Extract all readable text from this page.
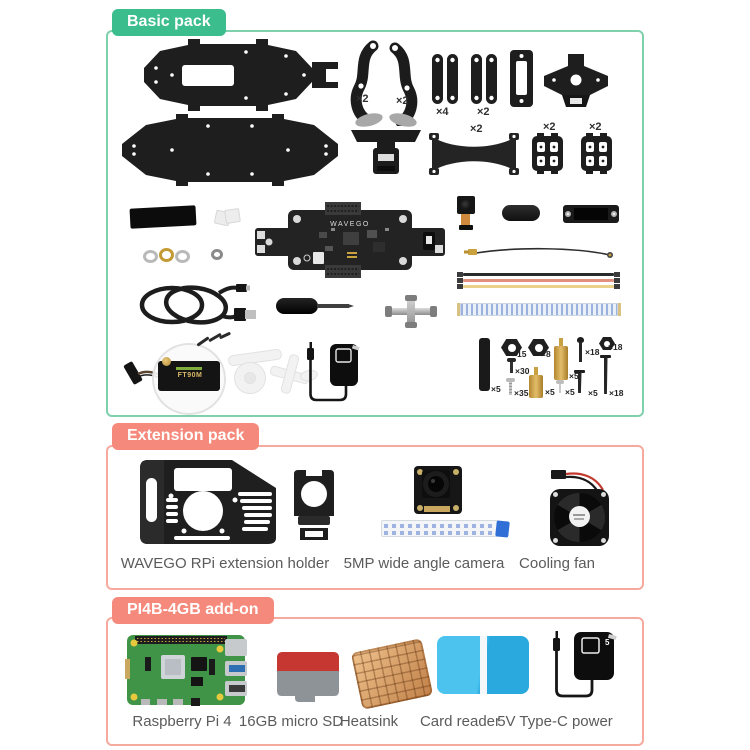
Basic pack
×2 ×2
×4	×2
×2	×2	×2
WAVEGO
FT90M
×5
×15
×30
×35
×8
×5
×5
×5
×18
×5
×18
×18
Extension pack
WAVEGO RPi extension holder 5MP wide angle camera Cooling fan
PI4B-4GB add-on
5
Raspberry Pi 4 16GB micro SD
Heatsink Card reader
5V Type-C power
